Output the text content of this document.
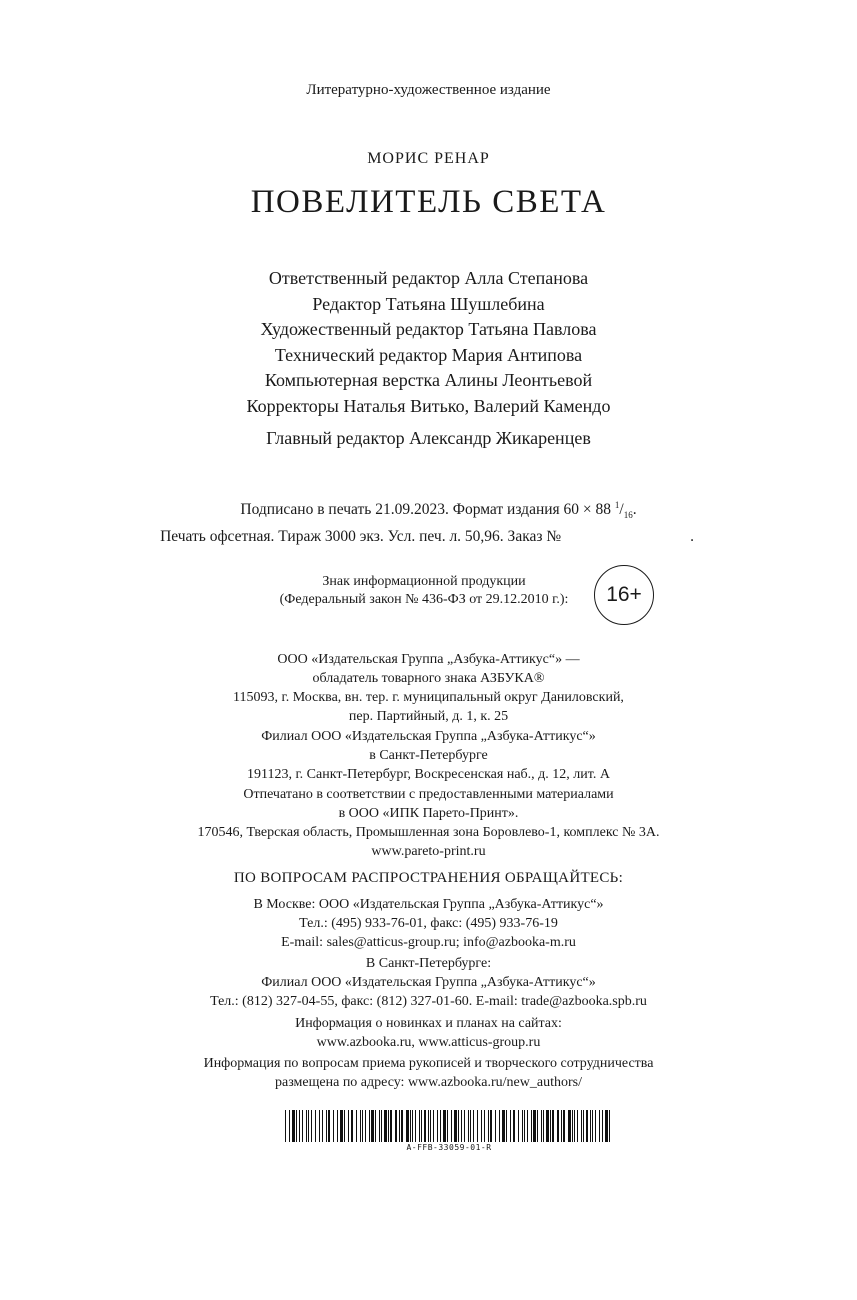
Литературно-художественное издание
МОРИС РЕНАР
ПОВЕЛИТЕЛЬ СВЕТА
Ответственный редактор Алла Степанова
Редактор Татьяна Шушлебина
Художественный редактор Татьяна Павлова
Технический редактор Мария Антипова
Компьютерная верстка Алины Леонтьевой
Корректоры Наталья Витько, Валерий Камендо
Главный редактор Александр Жикаренцев
Подписано в печать 21.09.2023. Формат издания 60 × 88 $^1/_{16}$.
Печать офсетная. Тираж 3000 экз. Усл. печ. л. 50,96. Заказ №	.
Знак информационной продукции
(Федеральный закон № 436-ФЗ от 29.12.2010 г.):	16+
ООО «Издательская Группа „Азбука-Аттикус“» —
обладатель товарного знака АЗБУКА®
115093, г. Москва, вн. тер. г. муниципальный округ Даниловский,
пер. Партийный, д. 1, к. 25
Филиал ООО «Издательская Группа „Азбука-Аттикус“»
в Санкт-Петербурге
191123, г. Санкт-Петербург, Воскресенская наб., д. 12, лит. А
Отпечатано в соответствии с предоставленными материалами
в ООО «ИПК Парето-Принт».
170546, Тверская область, Промышленная зона Боровлево-1, комплекс № 3А.
www.pareto-print.ru
ПО ВОПРОСАМ РАСПРОСТРАНЕНИЯ ОБРАЩАЙТЕСЬ:
В Москве: ООО «Издательская Группа „Азбука-Аттикус“»
Тел.: (495) 933-76-01, факс: (495) 933-76-19
E-mail: sales@atticus-group.ru; info@azbooka-m.ru
В Санкт-Петербурге:
Филиал ООО «Издательская Группа „Азбука-Аттикус“»
Тел.: (812) 327-04-55, факс: (812) 327-01-60. E-mail: trade@azbooka.spb.ru
Информация о новинках и планах на сайтах:
www.azbooka.ru, www.atticus-group.ru
Информация по вопросам приема рукописей и творческого сотрудничества
размещена по адресу: www.azbooka.ru/new_authors/
A-FFB-33059-01-R
